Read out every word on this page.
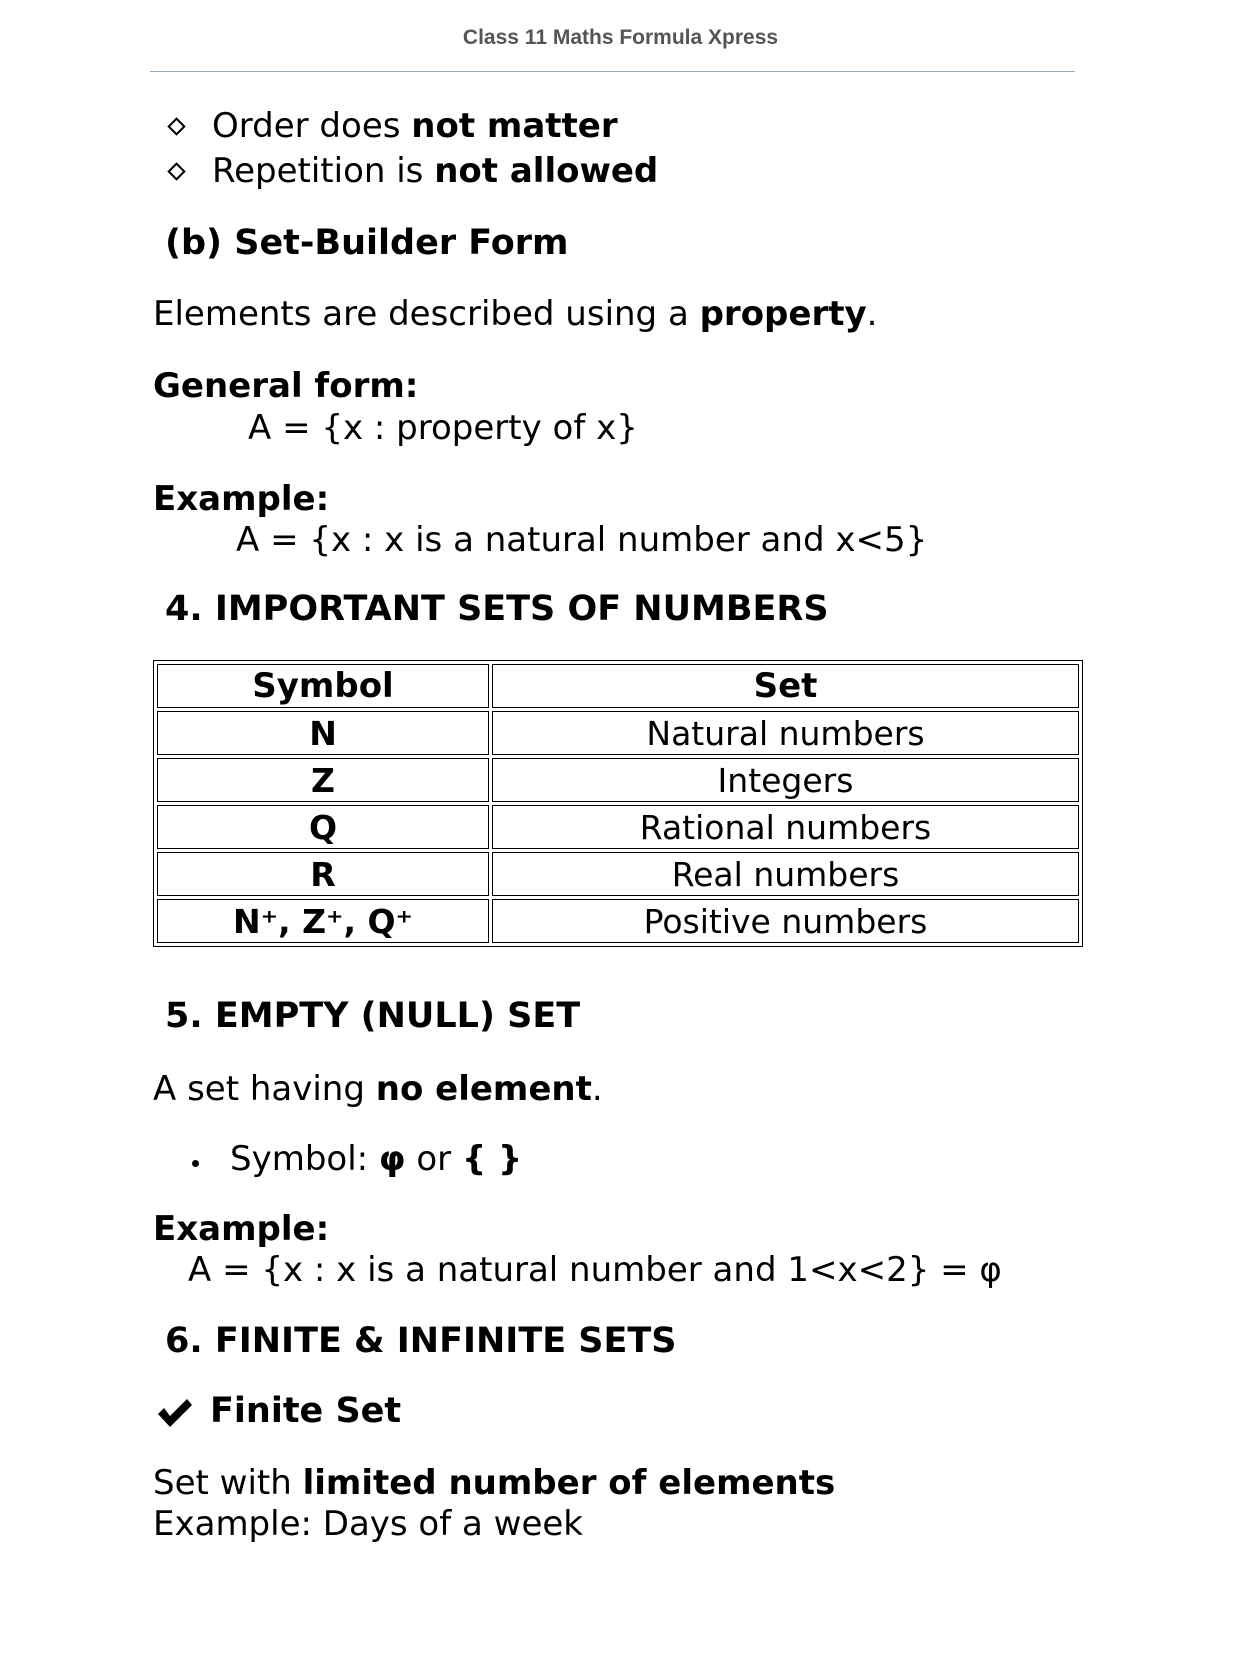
Class 11 Maths Formula Xpress
Order does not matter
Repetition is not allowed
(b) Set-Builder Form
Elements are described using a property.
General form:
A = {x : property of x}
Example:
A = {x : x is a natural number and x<5}
4. IMPORTANT SETS OF NUMBERS
Symbol	Set
N	Natural numbers
Z	Integers
Q	Rational numbers
R	Real numbers
N⁺, Z⁺, Q⁺	Positive numbers
5. EMPTY (NULL) SET
A set having no element.
Symbol: φ or { }
Example:
A = {x : x is a natural number and 1<x<2} = φ
6. FINITE & INFINITE SETS
Finite Set
Set with limited number of elements
Example: Days of a week
